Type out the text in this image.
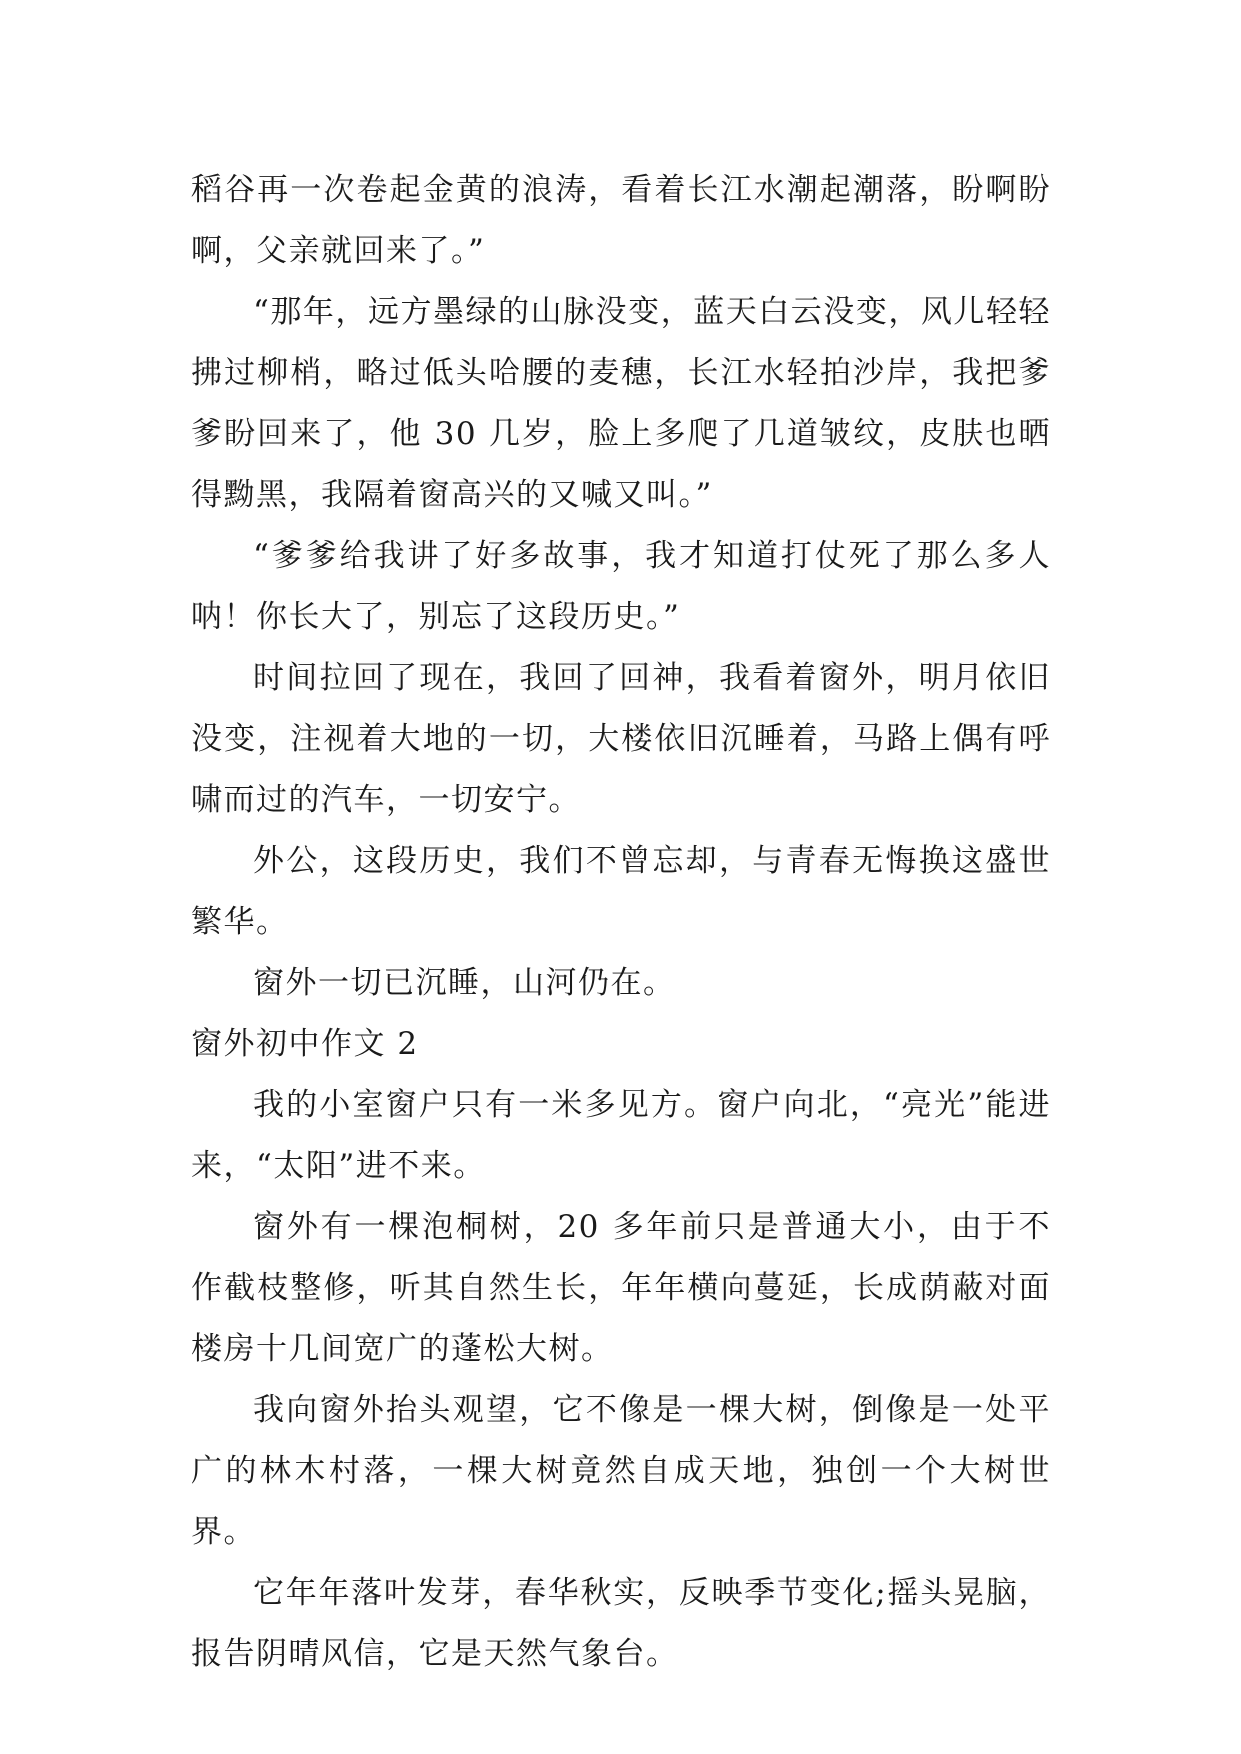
稻谷再一次卷起金黄的浪涛，看着长江水潮起潮落，盼啊盼啊，父亲就回来了。”

“那年，远方墨绿的山脉没变，蓝天白云没变，风儿轻轻拂过柳梢，略过低头哈腰的麦穗，长江水轻拍沙岸，我把爹爹盼回来了，他 30 几岁，脸上多爬了几道皱纹，皮肤也晒得黝黑，我隔着窗高兴的又喊又叫。”

“爹爹给我讲了好多故事，我才知道打仗死了那么多人呐！你长大了，别忘了这段历史。”

时间拉回了现在，我回了回神，我看着窗外，明月依旧没变，注视着大地的一切，大楼依旧沉睡着，马路上偶有呼啸而过的汽车，一切安宁。

外公，这段历史，我们不曾忘却，与青春无悔换这盛世繁华。

窗外一切已沉睡，山河仍在。

窗外初中作文 2

我的小室窗户只有一米多见方。窗户向北，“亮光”能进来，“太阳”进不来。

窗外有一棵泡桐树，20 多年前只是普通大小，由于不作截枝整修，听其自然生长，年年横向蔓延，长成荫蔽对面楼房十几间宽广的蓬松大树。

我向窗外抬头观望，它不像是一棵大树，倒像是一处平广的林木村落，一棵大树竟然自成天地，独创一个大树世界。

它年年落叶发芽，春华秋实，反映季节变化;摇头晃脑，报告阴晴风信，它是天然气象台。
